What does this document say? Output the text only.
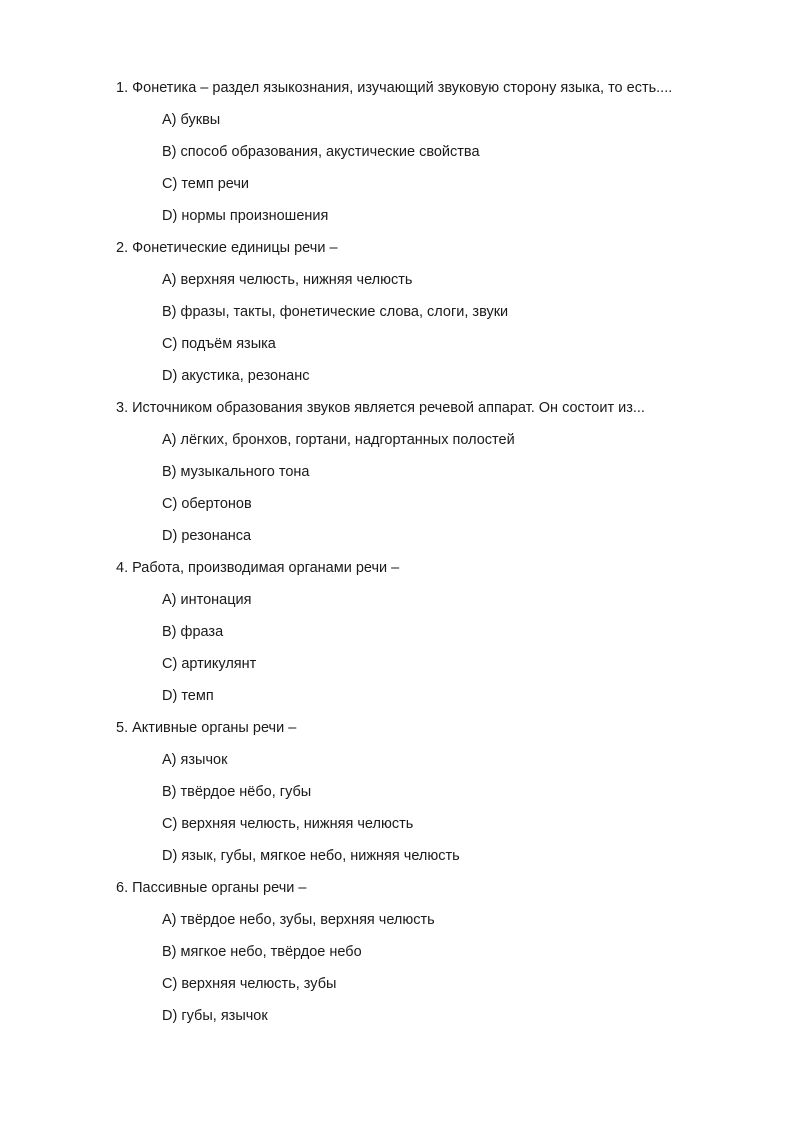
1. Фонетика – раздел языкознания, изучающий звуковую сторону языка, то есть....
А) буквы
В) способ образования, акустические свойства
С) темп речи
D) нормы произношения
2. Фонетические единицы речи –
А) верхняя челюсть, нижняя челюсть
В) фразы, такты, фонетические слова, слоги, звуки
С) подъём языка
D) акустика, резонанс
3. Источником образования звуков является речевой аппарат. Он состоит из...
А) лёгких, бронхов, гортани, надгортанных полостей
В) музыкального тона
С) обертонов
D) резонанса
4. Работа, производимая органами речи –
А) интонация
В) фраза
С) артикулянт
D) темп
5. Активные органы речи –
А) язычок
В) твёрдое нёбо, губы
С) верхняя челюсть, нижняя челюсть
D) язык, губы, мягкое небо, нижняя челюсть
6. Пассивные органы речи –
А) твёрдое небо, зубы, верхняя челюсть
В) мягкое небо, твёрдое небо
С) верхняя челюсть, зубы
D) губы, язычок
